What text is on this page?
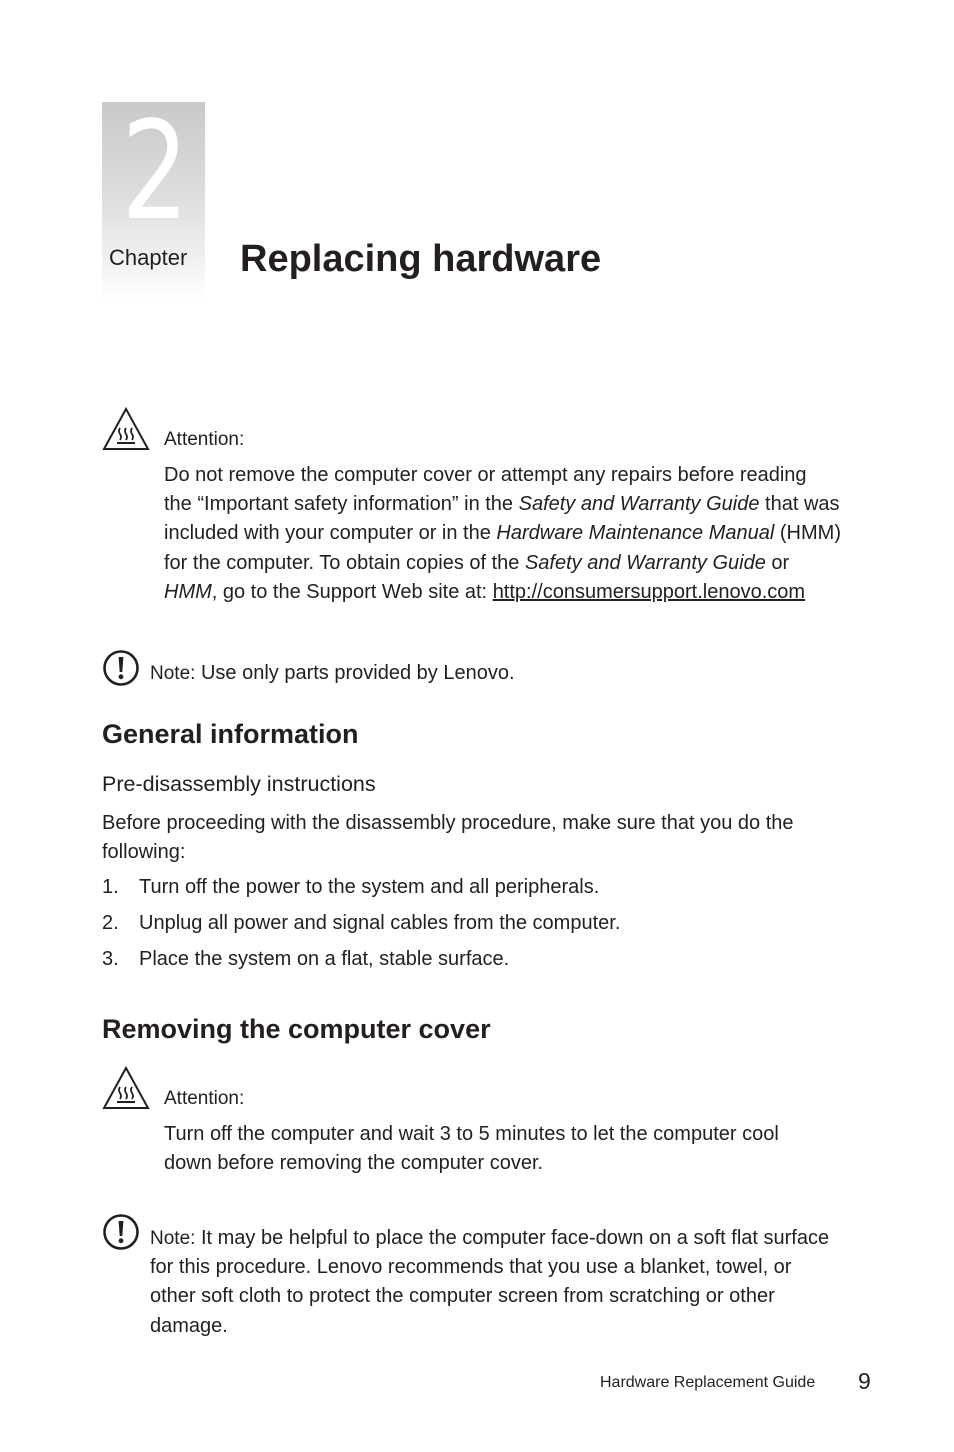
2
Chapter Replacing hardware
Attention:
Do not remove the computer cover or attempt any repairs before reading
the “Important safety information” in the Safety and Warranty Guide that was
included with your computer or in the Hardware Maintenance Manual (HMM)
for the computer. To obtain copies of the Safety and Warranty Guide or
HMM, go to the Support Web site at: http://consumersupport.lenovo.com
Note: Use only parts provided by Lenovo.
General information
Pre-disassembly instructions
Before proceeding with the disassembly procedure, make sure that you do the
following:
1. Turn off the power to the system and all peripherals.
2. Unplug all power and signal cables from the computer.
3. Place the system on a flat, stable surface.
Removing the computer cover
Attention:
Turn off the computer and wait 3 to 5 minutes to let the computer cool
down before removing the computer cover.
Note: It may be helpful to place the computer face-down on a soft flat surface
for this procedure. Lenovo recommends that you use a blanket, towel, or
other soft cloth to protect the computer screen from scratching or other
damage.
Hardware Replacement Guide 9
